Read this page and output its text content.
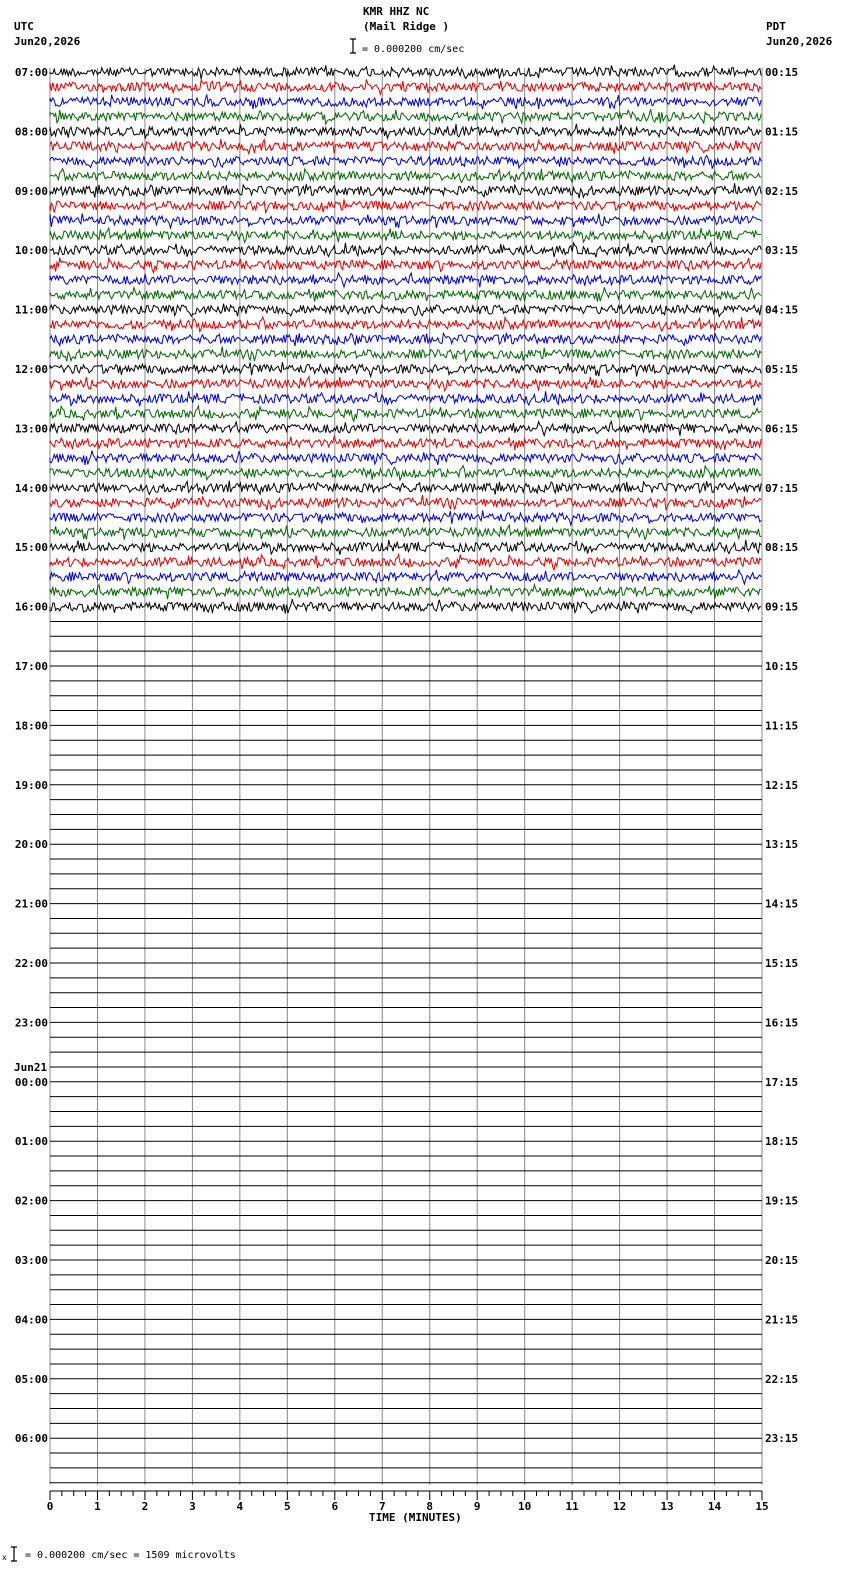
KMR HHZ NC
(Mail Ridge )
UTC
Jun20,2026
PDT
Jun20,2026
= 0.000200 cm/sec
TIME (MINUTES)
x = 0.000200 cm/sec = 1509 microvolts
07:00
08:00
09:00
10:00
11:00
12:00
13:00
14:00
15:00
16:00
17:00
18:00
19:00
20:00
21:00
22:00
23:00
00:00
01:00
02:00
03:00
04:00
05:00
06:00
00:15
01:15
02:15
03:15
04:15
05:15
06:15
07:15
08:15
09:15
10:15
11:15
12:15
13:15
14:15
15:15
16:15
17:15
18:15
19:15
20:15
21:15
22:15
23:15
Jun21
0	1	2	3	4	5	6	7	8	9	10	11	12	13	14	15
